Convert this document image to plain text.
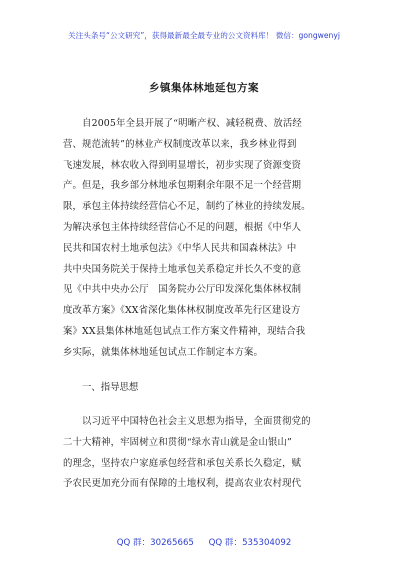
关注头条号“公文研究”，获得最新最全最专业的公文资料库！ 微信：gongwenyj
乡镇集体林地延包方案
　　自2005年全县开展了“明晰产权、减轻税费、放活经
营、规范流转”的林业产权制度改革以来，我乡林业得到
飞速发展，林农收入得到明显增长，初步实现了资源变资
产。但是，我乡部分林地承包期剩余年限不足一个经营期
限，承包主体持续经营信心不足，制约了林业的持续发展。
为解决承包主体持续经营信心不足的问题，根据《中华人
民共和国农村土地承包法》《中华人民共和国森林法》中
共中央国务院关于保持土地承包关系稳定并长久不变的意
见《中共中央办公厅　国务院办公厅印发深化集体林权制
度改革方案》《XX省深化集体林权制度改革先行区建设方
案》XX县集体林地延包试点工作方案文件精神，现结合我
乡实际，就集体林地延包试点工作制定本方案。
一、指导思想
　　以习近平中国特色社会主义思想为指导，全面贯彻党的
二十大精神，牢固树立和贯彻“绿水青山就是金山银山”
的理念，坚持农户家庭承包经营和承包关系长久稳定，赋
予农民更加充分而有保障的土地权利，提高农业农村现代
QQ 群：30265665 QQ 群：535304092
